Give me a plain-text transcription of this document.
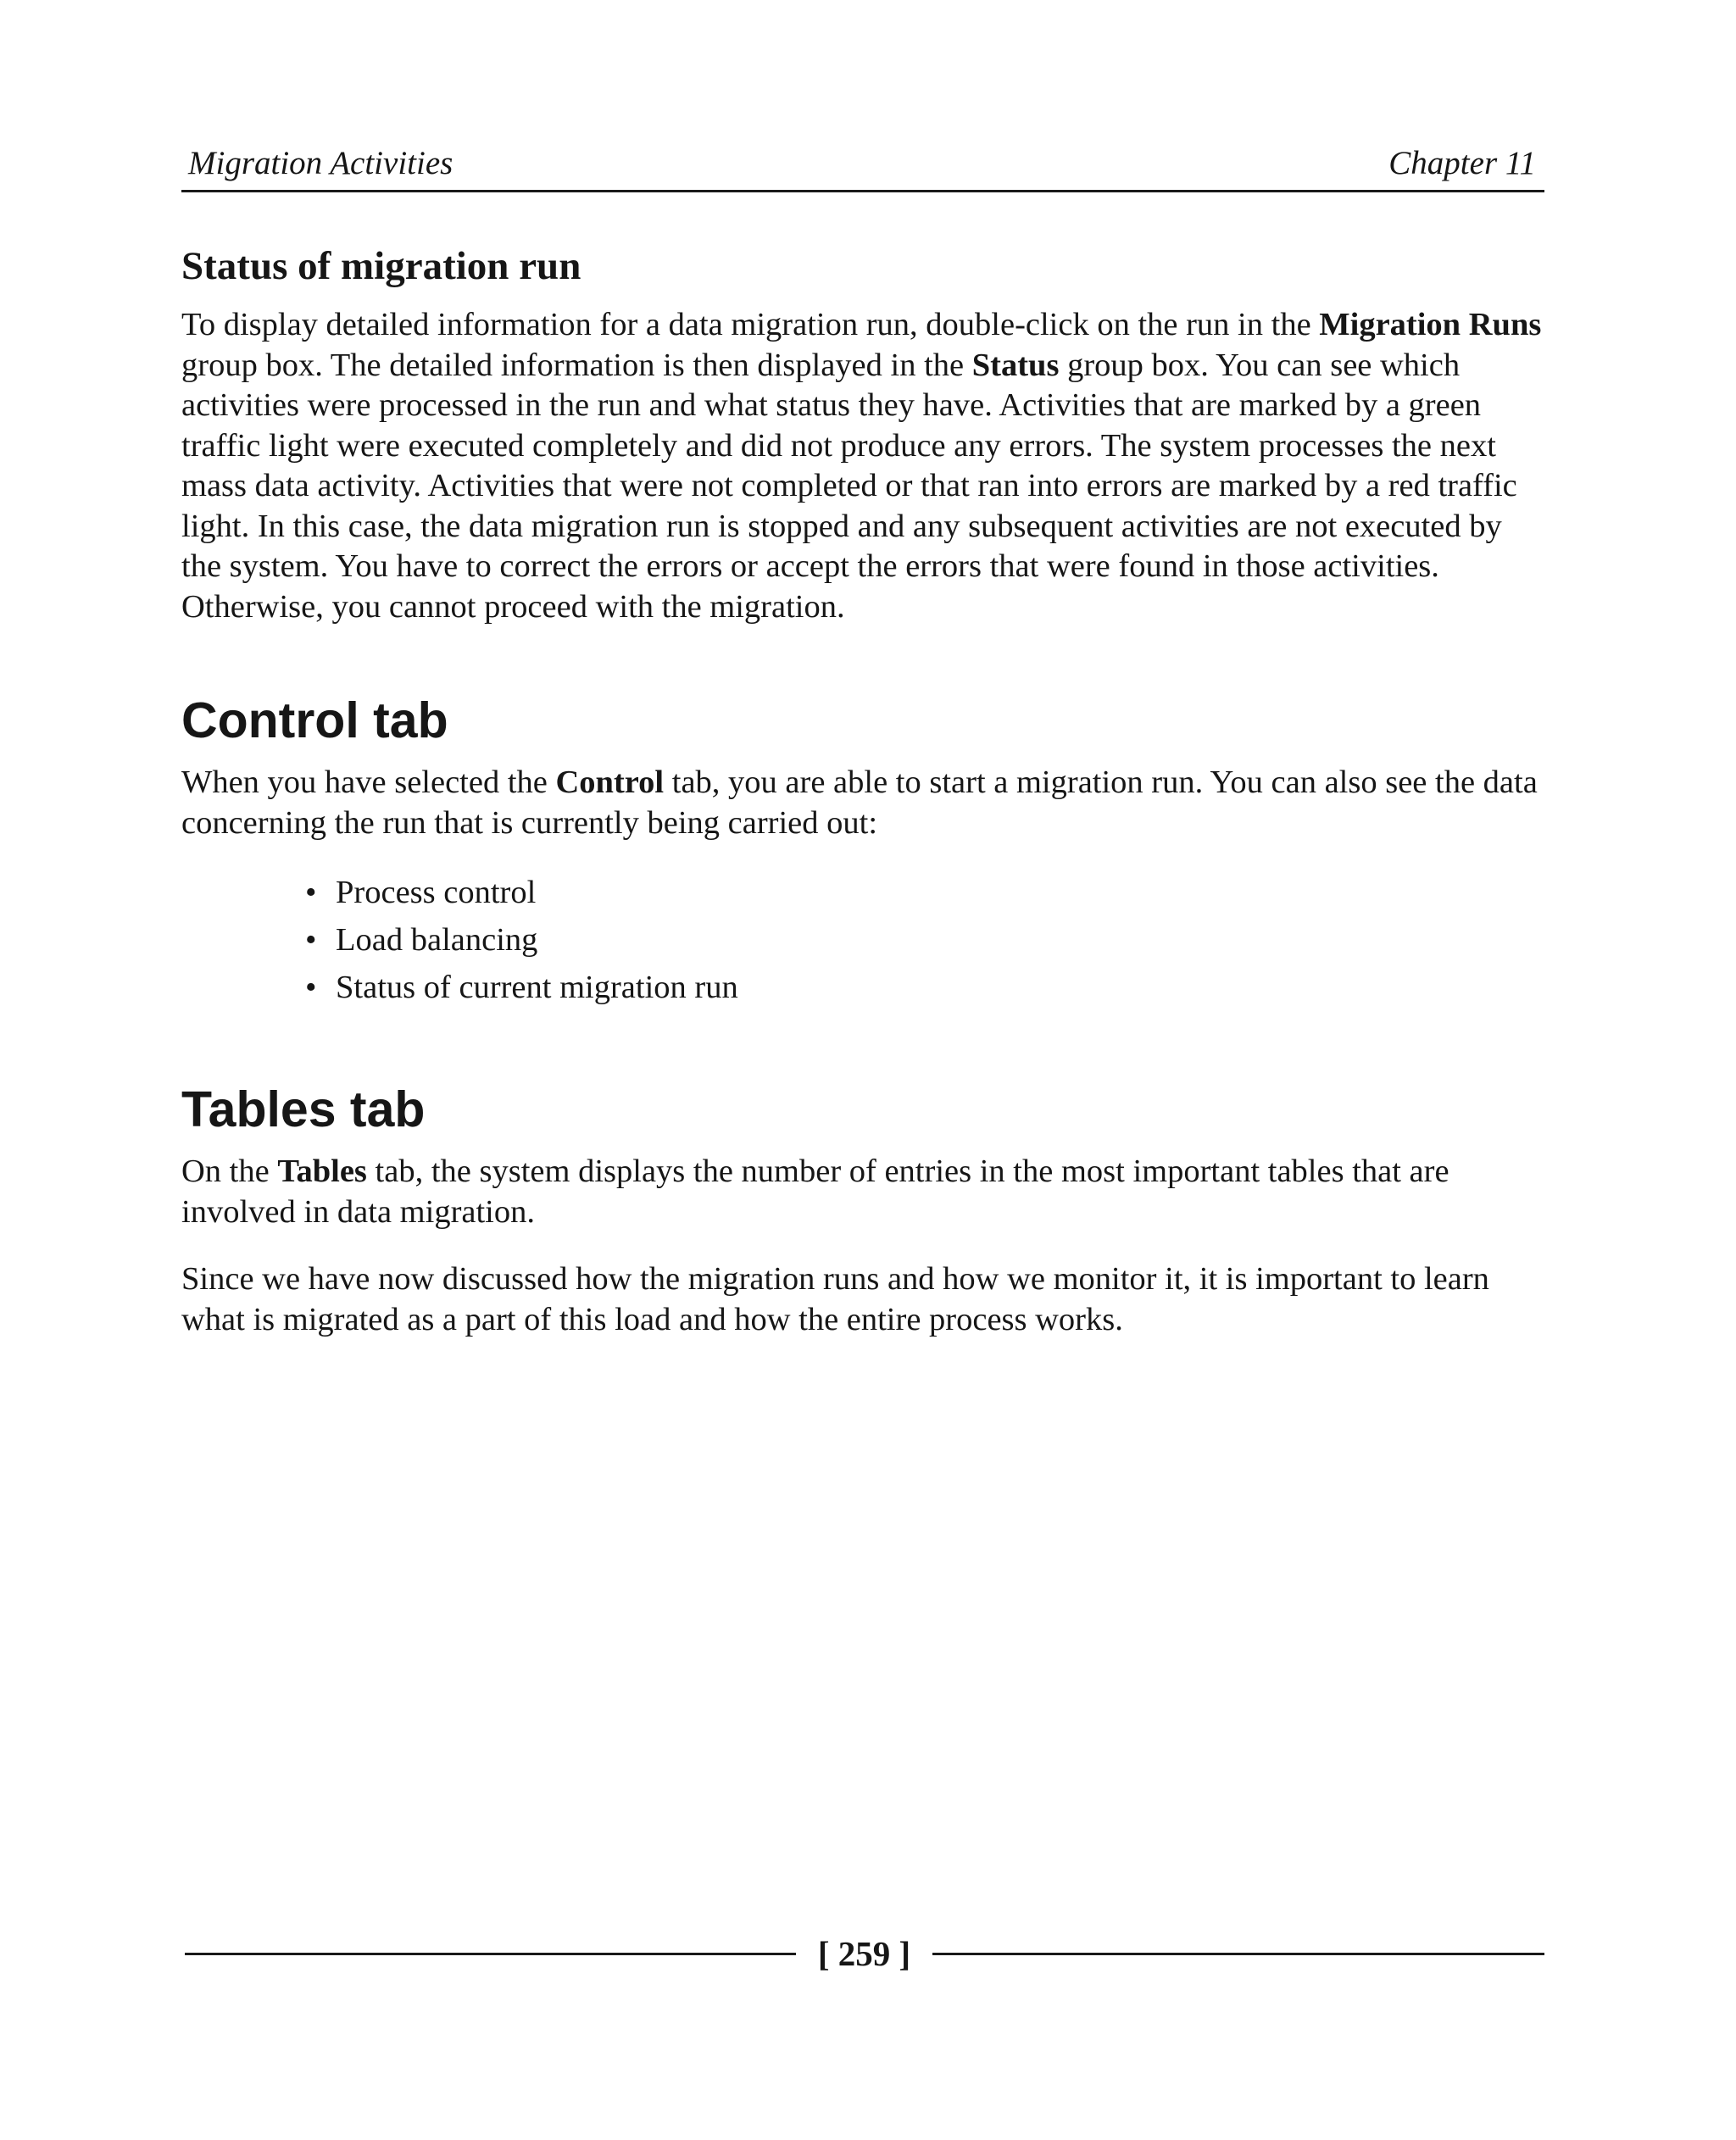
Migration Activities	Chapter 11
Status of migration run

To display detailed information for a data migration run, double-click on the run in the Migration Runs group box. The detailed information is then displayed in the Status group box. You can see which activities were processed in the run and what status they have. Activities that are marked by a green traffic light were executed completely and did not produce any errors. The system processes the next mass data activity. Activities that were not completed or that ran into errors are marked by a red traffic light. In this case, the data migration run is stopped and any subsequent activities are not executed by the system. You have to correct the errors or accept the errors that were found in those activities. Otherwise, you cannot proceed with the migration.

Control tab

When you have selected the Control tab, you are able to start a migration run. You can also see the data concerning the run that is currently being carried out:

• Process control
• Load balancing
• Status of current migration run
Tables tab

On the Tables tab, the system displays the number of entries in the most important tables that are involved in data migration.

Since we have now discussed how the migration runs and how we monitor it, it is important to learn what is migrated as a part of this load and how the entire process works.

[ 259 ]
